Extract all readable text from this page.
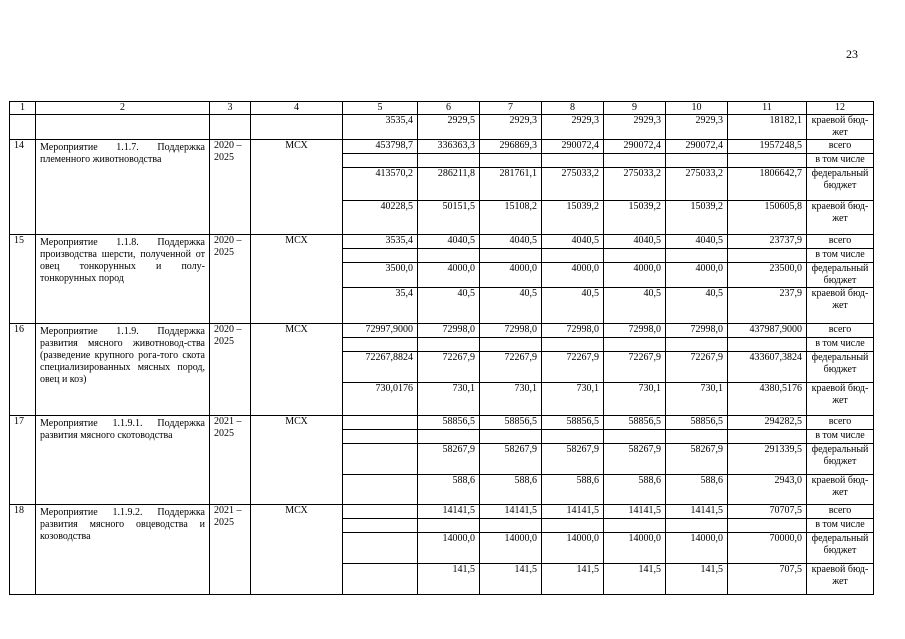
23
1	2	3	4	5	6	7	8	9	10	11	12
				3535,4	2929,5	2929,3	2929,3	2929,3	2929,3	18182,1	краевой бюд-жет
14	Мероприятие 1.1.7. Поддержка племенного животноводства	2020 – 2025	МСХ	453798,7	336363,3	296869,3	290072,4	290072,4	290072,4	1957248,5	всего
											в том числе
				413570,2	286211,8	281761,1	275033,2	275033,2	275033,2	1806642,7	федеральный бюджет
				40228,5	50151,5	15108,2	15039,2	15039,2	15039,2	150605,8	краевой бюд-жет
15	Мероприятие 1.1.8. Поддержка производства шерсти, полученной от овец тонкорунных и полу-тонкорунных пород	2020 – 2025	МСХ	3535,4	4040,5	4040,5	4040,5	4040,5	4040,5	23737,9	всего
											в том числе
				3500,0	4000,0	4000,0	4000,0	4000,0	4000,0	23500,0	федеральный бюджет
				35,4	40,5	40,5	40,5	40,5	40,5	237,9	краевой бюд-жет
16	Мероприятие 1.1.9. Поддержка развития мясного животновод-ства (разведение крупного рога-того скота специализированных мясных пород, овец и коз)	2020 – 2025	МСХ	72997,9000	72998,0	72998,0	72998,0	72998,0	72998,0	437987,9000	всего
											в том числе
				72267,8824	72267,9	72267,9	72267,9	72267,9	72267,9	433607,3824	федеральный бюджет
				730,0176	730,1	730,1	730,1	730,1	730,1	4380,5176	краевой бюд-жет
17	Мероприятие 1.1.9.1. Поддержка развития мясного скотоводства	2021 – 2025	МСХ		58856,5	58856,5	58856,5	58856,5	58856,5	294282,5	всего
											в том числе
					58267,9	58267,9	58267,9	58267,9	58267,9	291339,5	федеральный бюджет
					588,6	588,6	588,6	588,6	588,6	2943,0	краевой бюд-жет
18	Мероприятие 1.1.9.2. Поддержка развития мясного овцеводства и козоводства	2021 – 2025	МСХ		14141,5	14141,5	14141,5	14141,5	14141,5	70707,5	всего
											в том числе
					14000,0	14000,0	14000,0	14000,0	14000,0	70000,0	федеральный бюджет
					141,5	141,5	141,5	141,5	141,5	707,5	краевой бюд-жет
